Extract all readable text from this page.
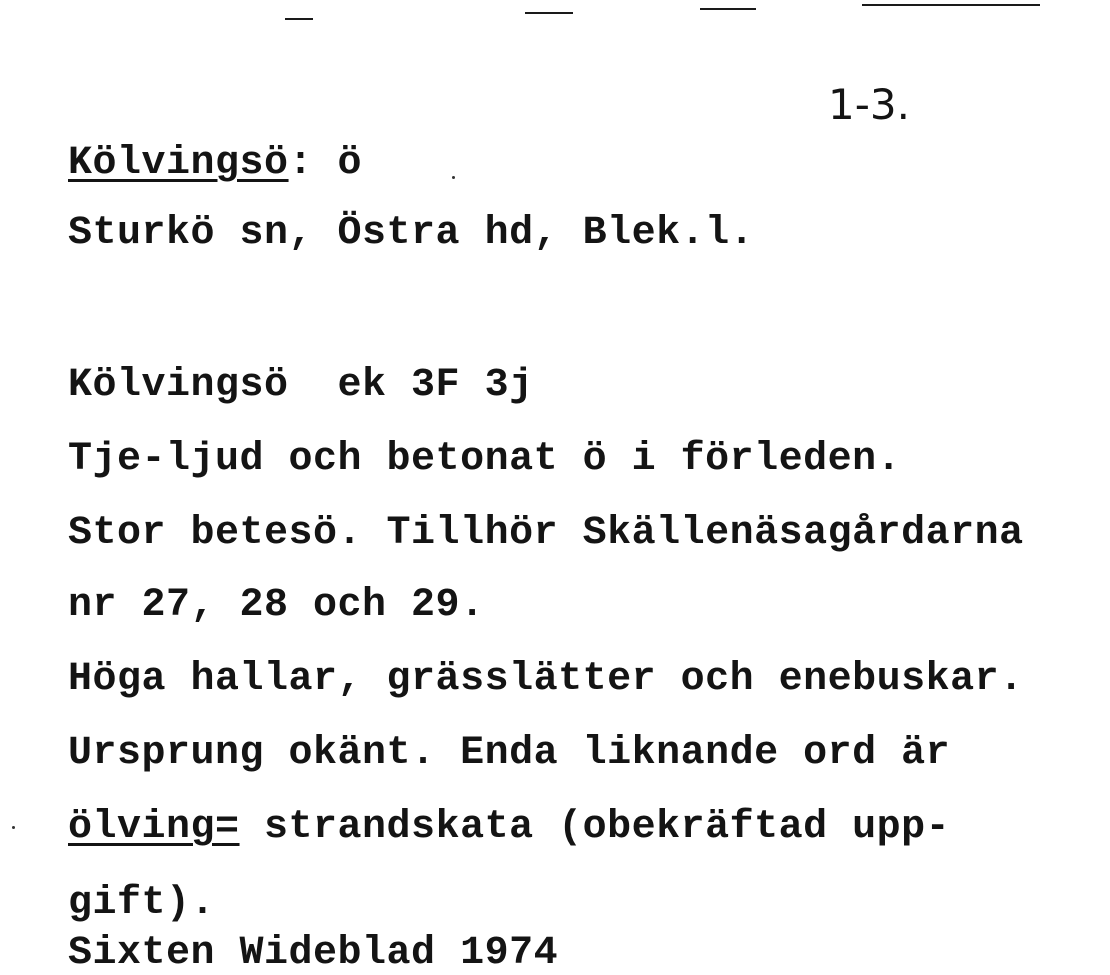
1-3.
Kölvingsö: ö
Sturkö sn, Östra hd, Blek.l.
Kölvingsö  ek 3F 3j
Tje-ljud och betonat ö i förleden.
Stor betesö. Tillhör Skällenäsagårdarna
nr 27, 28 och 29.
Höga hallar, grässlätter och enebuskar.
Ursprung okänt. Enda liknande ord är
ölving= strandskata (obekräftad upp-
gift).
Sixten Wideblad 1974
